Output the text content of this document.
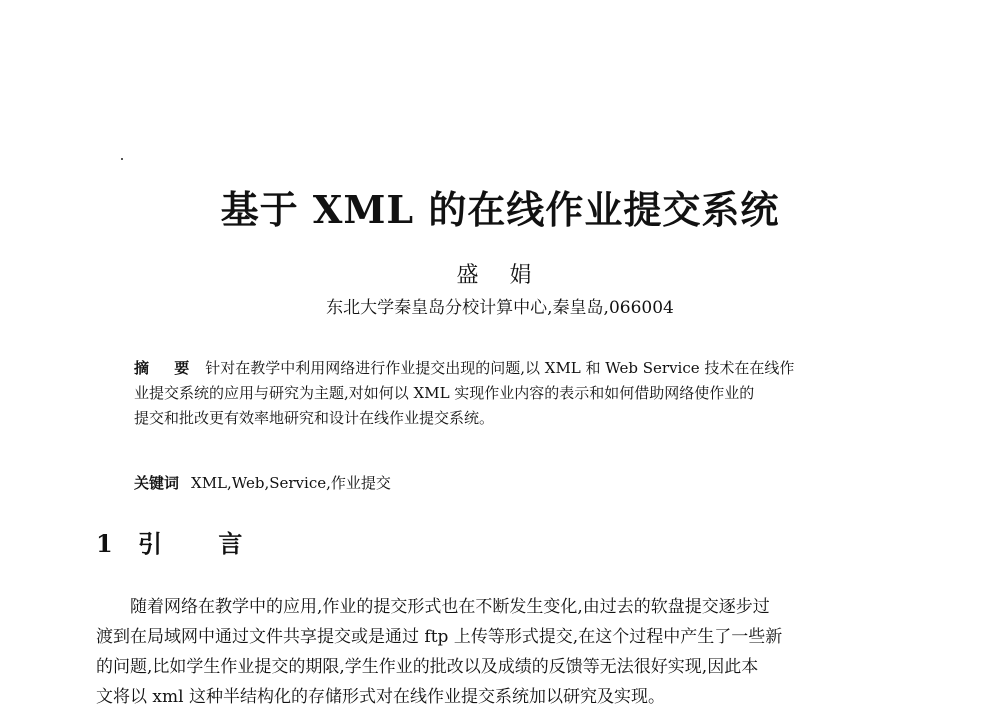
基于 XML 的在线作业提交系统
盛 娟
东北大学秦皇岛分校计算中心,秦皇岛,066004
摘 要 针对在教学中利用网络进行作业提交出现的问题,以 XML 和 Web Service 技术在在线作
业提交系统的应用与研究为主题,对如何以 XML 实现作业内容的表示和如何借助网络使作业的
提交和批改更有效率地研究和设计在线作业提交系统。
关键词 XML,Web,Service,作业提交
1 引 言
随着网络在教学中的应用,作业的提交形式也在不断发生变化,由过去的软盘提交逐步过
渡到在局域网中通过文件共享提交或是通过 ftp 上传等形式提交,在这个过程中产生了一些新
的问题,比如学生作业提交的期限,学生作业的批改以及成绩的反馈等无法很好实现,因此本
文将以 xml 这种半结构化的存储形式对在线作业提交系统加以研究及实现。
